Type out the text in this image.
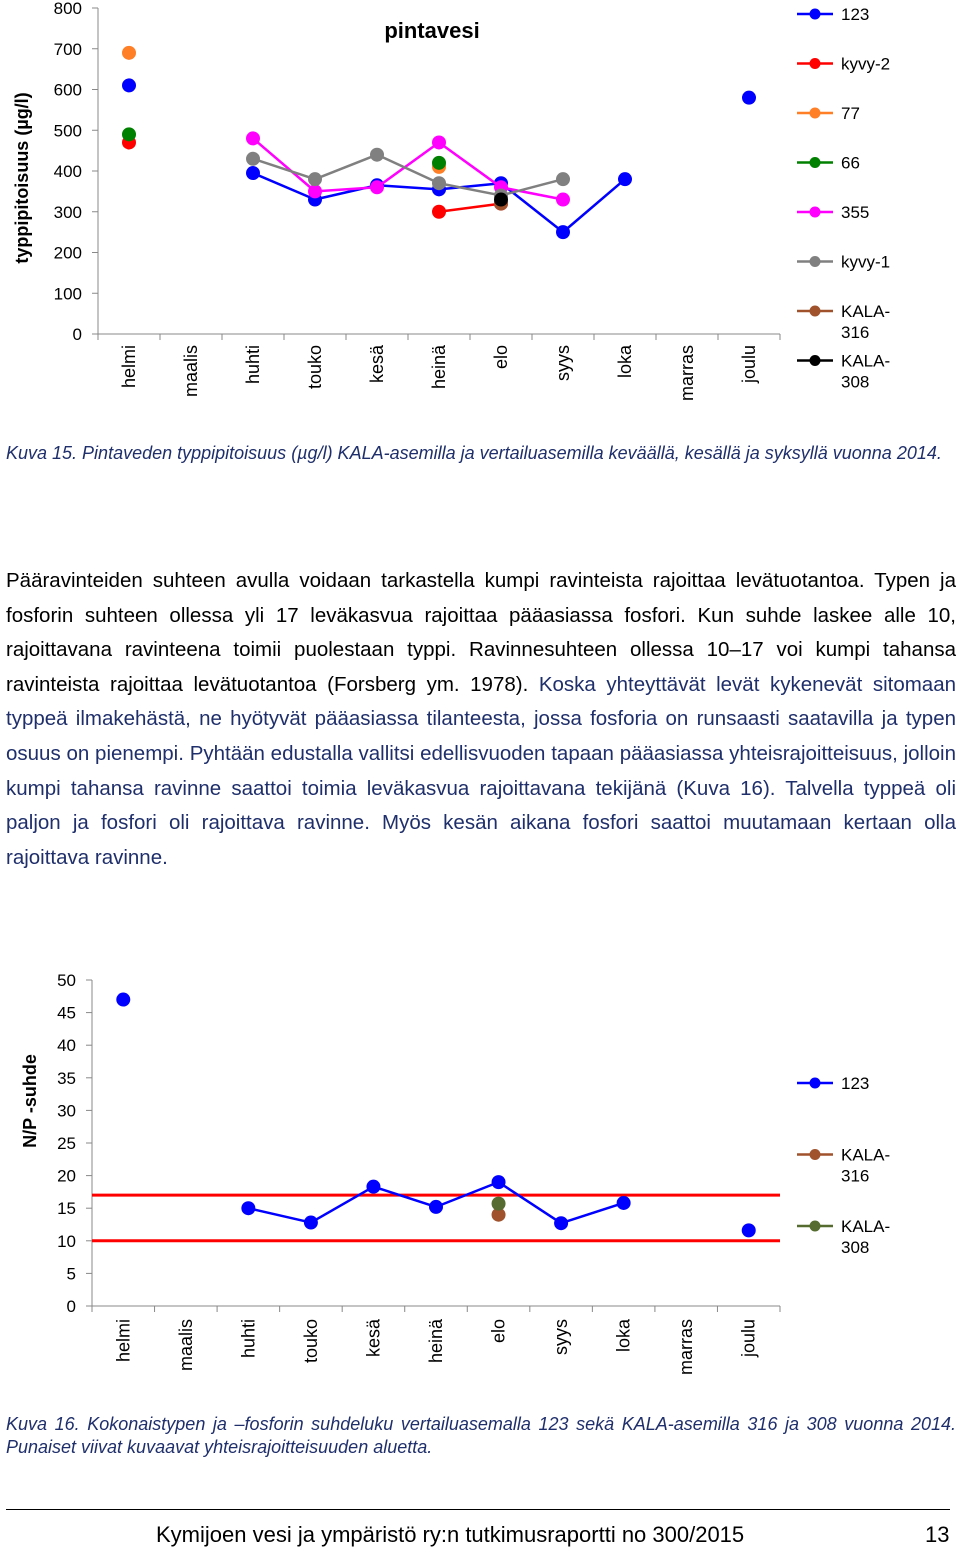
0
100
200
300
400
500
600
700
800
helmi maalis huhti touko kesä heinä elo syys loka marras joulu
typpipitoisuus (µg/l)
pintavesi
123
kyvy-2
77
66
355
kyvy-1
KALA-316
KALA-308
Kuva 15. Pintaveden typpipitoisuus (µg/l) KALA-asemilla ja vertailuasemilla keväällä, kesällä ja syksyllä vuonna 2014.

Pääravinteiden suhteen avulla voidaan tarkastella kumpi ravinteista rajoittaa levätuotantoa. Typen ja fosforin suhteen ollessa yli 17 leväkasvua rajoittaa pääasiassa fosfori. Kun suhde laskee alle 10, rajoittavana ravinteena toimii puolestaan typpi. Ravinnesuhteen ollessa 10–17 voi kumpi tahansa ravinteista rajoittaa levätuotantoa (Forsberg ym. 1978). Koska yhteyttävät levät kykenevät sitomaan typpeä ilmakehästä, ne hyötyvät pääasiassa tilanteesta, jossa fosforia on runsaasti saatavilla ja typen osuus on pienempi. Pyhtään edustalla vallitsi edellisvuoden tapaan pääasiassa yhteisrajoitteisuus, jolloin kumpi tahansa ravinne saattoi toimia leväkasvua rajoittavana tekijänä (Kuva 16). Talvella typpeä oli paljon ja fosfori oli rajoittava ravinne. Myös kesän aikana fosfori saattoi muutamaan kertaan olla rajoittava ravinne.

0
5
10
15
20
25
30
35
40
45
50
helmi maalis huhti touko kesä heinä elo syys loka marras joulu
N/P -suhde	123
KALA-316
KALA-308
Kuva 16. Kokonaistypen ja –fosforin suhdeluku vertailuasemalla 123 sekä KALA-asemilla 316 ja 308 vuonna 2014. Punaiset viivat kuvaavat yhteisrajoitteisuuden aluetta.
Kymijoen vesi ja ympäristö ry:n tutkimusraportti no 300/2015	13
